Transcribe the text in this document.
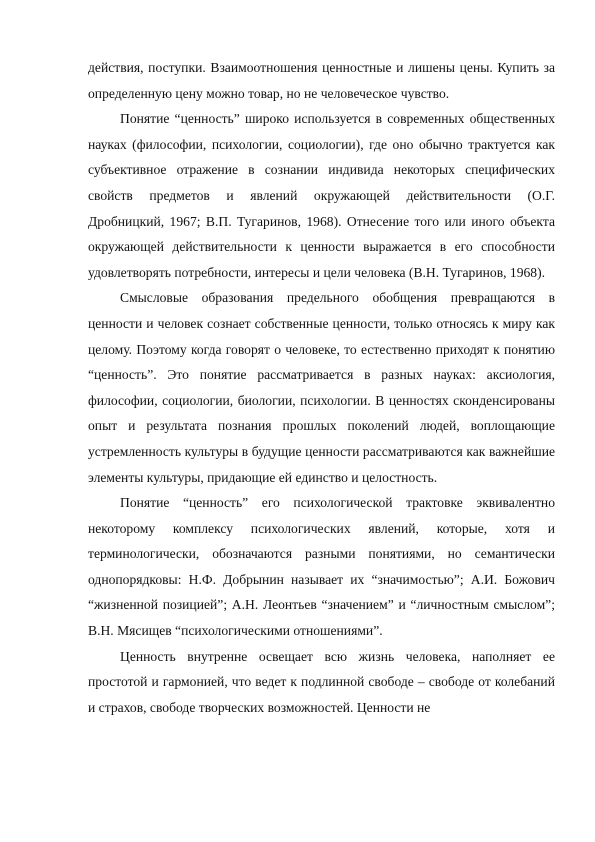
действия, поступки. Взаимоотношения ценностные и лишены цены. Купить за определенную цену можно товар, но не человеческое чувство.

Понятие “ценность” широко используется в современных общественных науках (философии, психологии, социологии), где оно обычно трактуется как субъективное отражение в сознании индивида некоторых специфических свойств предметов и явлений окружающей действительности (О.Г. Дробницкий, 1967; В.П. Тугаринов, 1968). Отнесение того или иного объекта окружающей действительности к ценности выражается в его способности удовлетворять потребности, интересы и цели человека (В.Н. Тугаринов, 1968).

Смысловые образования предельного обобщения превращаются в ценности и человек сознает собственные ценности, только относясь к миру как целому. Поэтому когда говорят о человеке, то естественно приходят к понятию “ценность”. Это понятие рассматривается в разных науках: аксиология, философии, социологии, биологии, психологии. В ценностях сконденсированы опыт и результата познания прошлых поколений людей, воплощающие устремленность культуры в будущие ценности рассматриваются как важнейшие элементы культуры, придающие ей единство и целостность.

Понятие “ценность” его психологической трактовке эквивалентно некоторому комплексу психологических явлений, которые, хотя и терминологически, обозначаются разными понятиями, но семантически однопорядковы: Н.Ф. Добрынин называет их “значимостью”; А.И. Божович “жизненной позицией”; А.Н. Леонтьев “значением” и “личностным смыслом”; В.Н. Мясищев “психологическими отношениями”.

Ценность внутренне освещает всю жизнь человека, наполняет ее простотой и гармонией, что ведет к подлинной свободе – свободе от колебаний и страхов, свободе творческих возможностей. Ценности не
